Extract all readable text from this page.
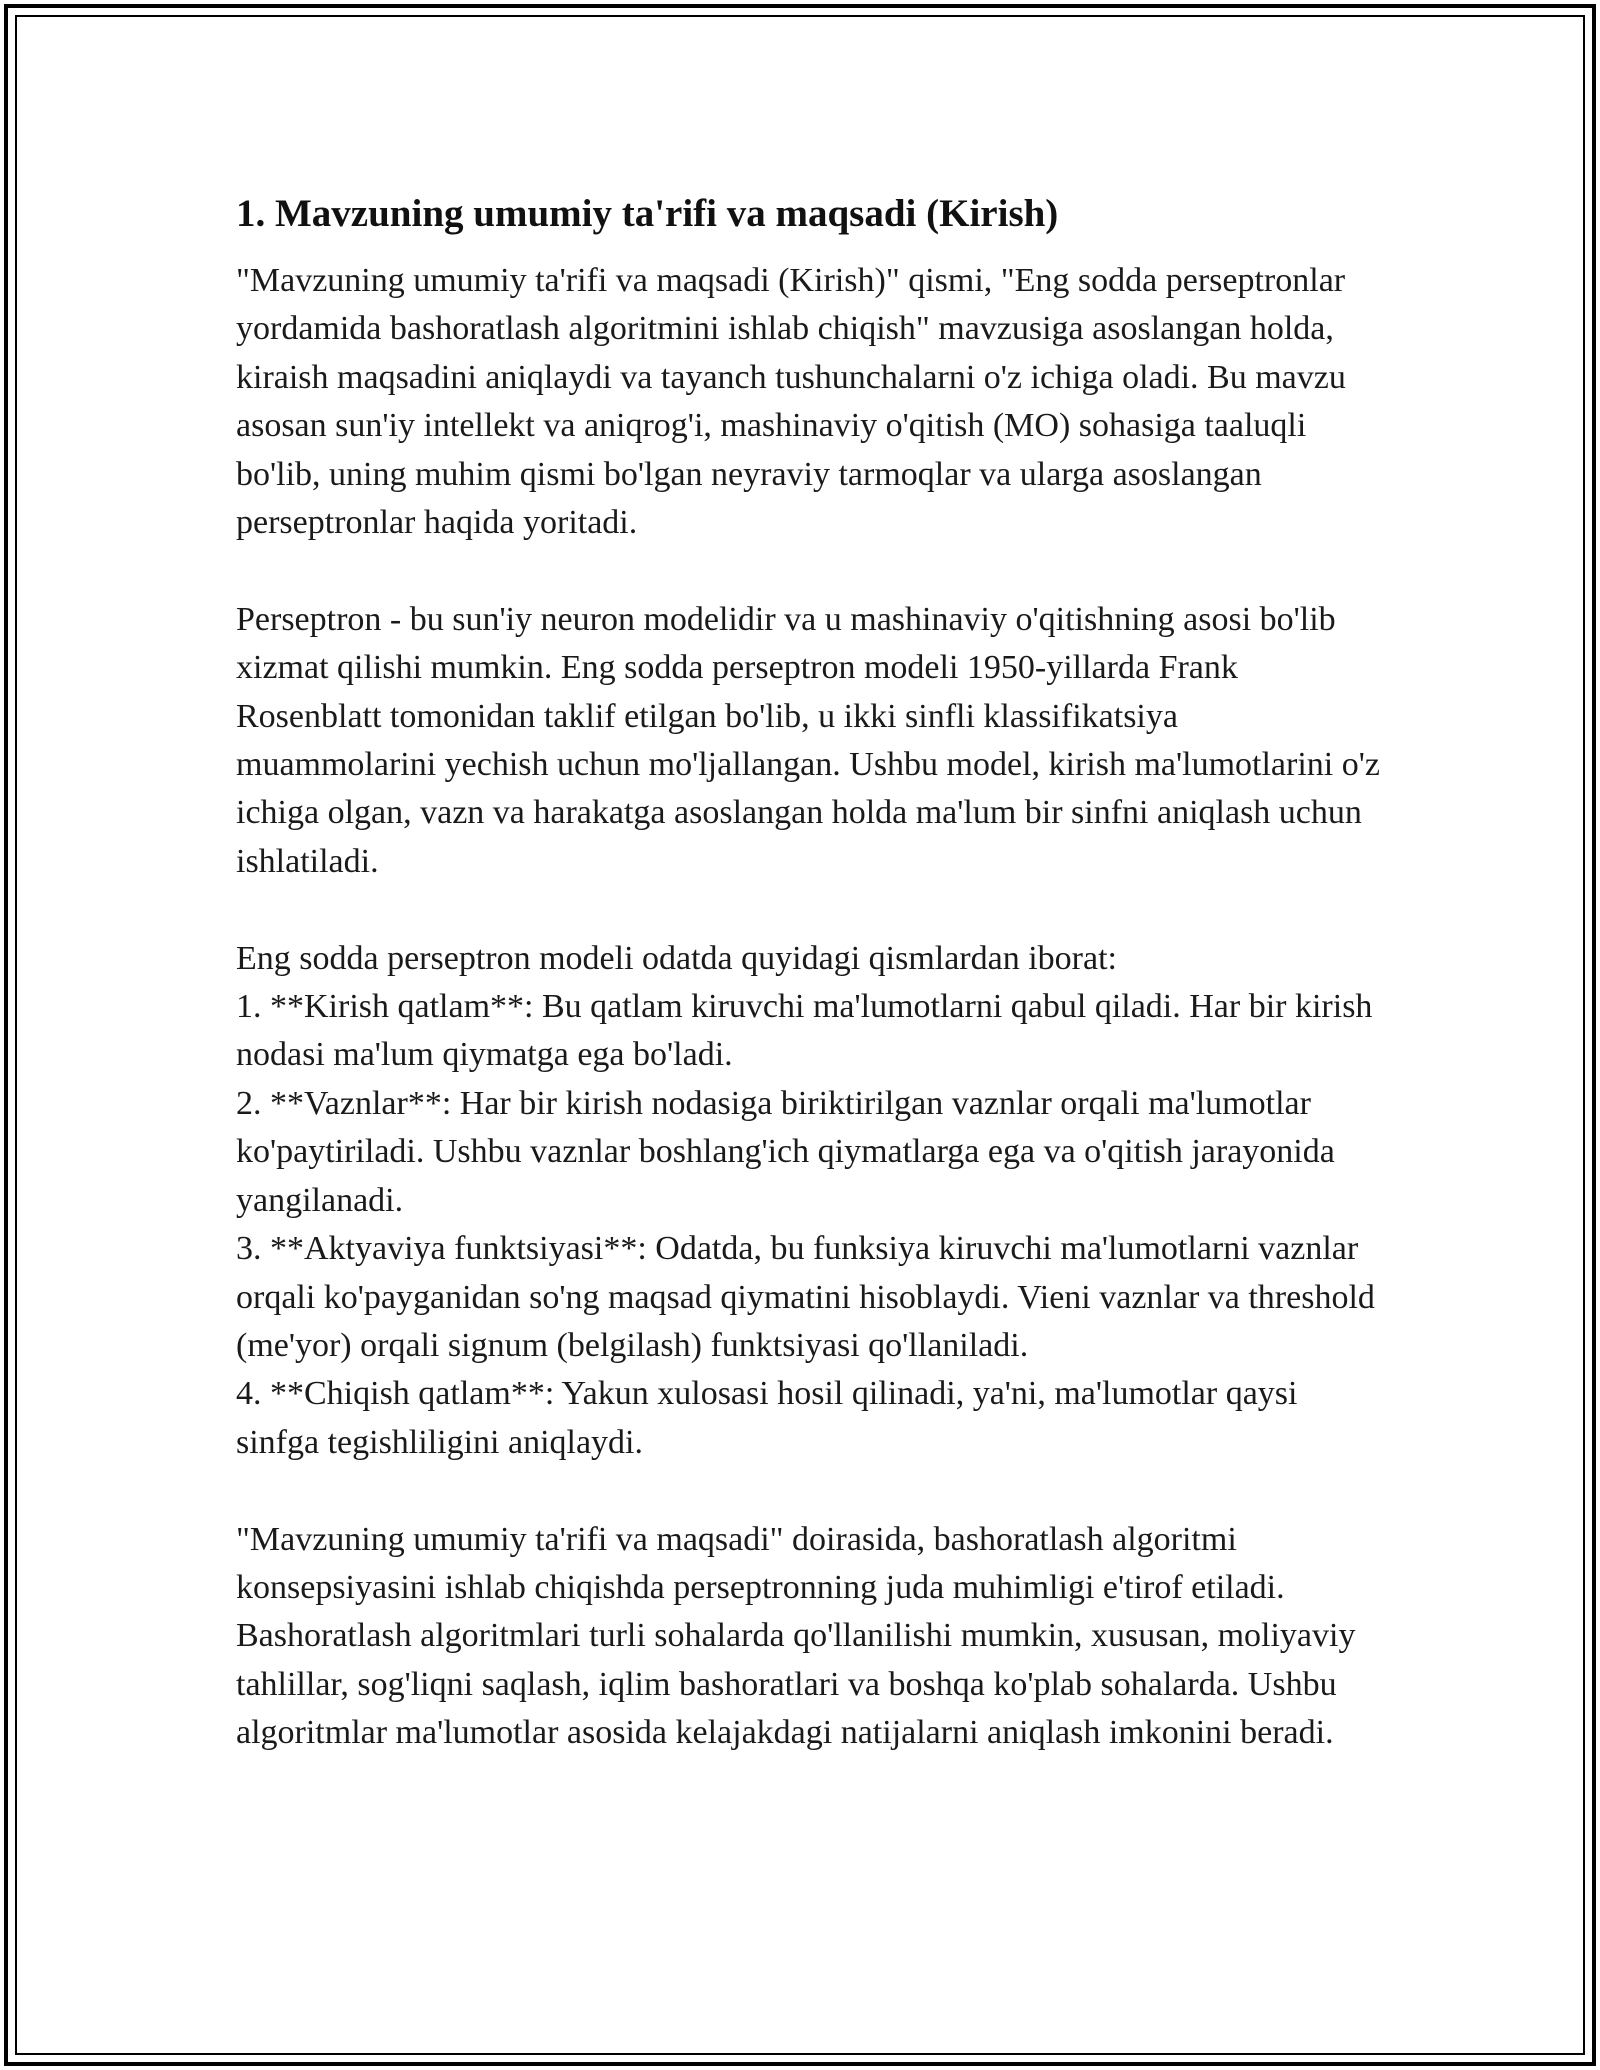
1. Mavzuning umumiy ta'rifi va maqsadi (Kirish)

"Mavzuning umumiy ta'rifi va maqsadi (Kirish)" qismi, "Eng sodda perseptronlar yordamida bashoratlash algoritmini ishlab chiqish" mavzusiga asoslangan holda, kiraish maqsadini aniqlaydi va tayanch tushunchalarni o'z ichiga oladi. Bu mavzu asosan sun'iy intellekt va aniqrog'i, mashinaviy o'qitish (MO) sohasiga taaluqli bo'lib, uning muhim qismi bo'lgan neyraviy tarmoqlar va ularga asoslangan perseptronlar haqida yoritadi.

Perseptron - bu sun'iy neuron modelidir va u mashinaviy o'qitishning asosi bo'lib xizmat qilishi mumkin. Eng sodda perseptron modeli 1950-yillarda Frank Rosenblatt tomonidan taklif etilgan bo'lib, u ikki sinfli klassifikatsiya muammolarini yechish uchun mo'ljallangan. Ushbu model, kirish ma'lumotlarini o'z ichiga olgan, vazn va harakatga asoslangan holda ma'lum bir sinfni aniqlash uchun ishlatiladi.

Eng sodda perseptron modeli odatda quyidagi qismlardan iborat:

1. **Kirish qatlam**: Bu qatlam kiruvchi ma'lumotlarni qabul qiladi. Har bir kirish nodasi ma'lum qiymatga ega bo'ladi.

2. **Vaznlar**: Har bir kirish nodasiga biriktirilgan vaznlar orqali ma'lumotlar ko'paytiriladi. Ushbu vaznlar boshlang'ich qiymatlarga ega va o'qitish jarayonida yangilanadi.

3. **Aktyaviya funktsiyasi**: Odatda, bu funksiya kiruvchi ma'lumotlarni vaznlar orqali ko'payganidan so'ng maqsad qiymatini hisoblaydi. Vieni vaznlar va threshold (me'yor) orqali signum (belgilash) funktsiyasi qo'llaniladi.

4. **Chiqish qatlam**: Yakun xulosasi hosil qilinadi, ya'ni, ma'lumotlar qaysi sinfga tegishliligini aniqlaydi.

"Mavzuning umumiy ta'rifi va maqsadi" doirasida, bashoratlash algoritmi konsepsiyasini ishlab chiqishda perseptronning juda muhimligi e'tirof etiladi. Bashoratlash algoritmlari turli sohalarda qo'llanilishi mumkin, xususan, moliyaviy tahlillar, sog'liqni saqlash, iqlim bashoratlari va boshqa ko'plab sohalarda. Ushbu algoritmlar ma'lumotlar asosida kelajakdagi natijalarni aniqlash imkonini beradi.
